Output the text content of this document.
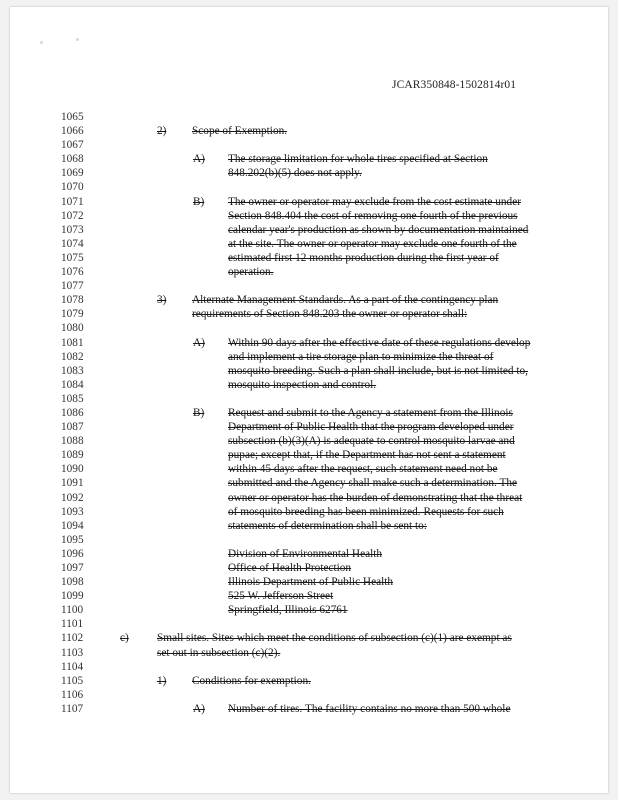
JCAR350848-1502814r01
1065
1066	2) Scope of Exemption.
1067
1068	A) The storage limitation for whole tires specified at Section
1069	848.202(b)(5) does not apply.
1070
1071	B) The owner or operator may exclude from the cost estimate under
1072	Section 848.404 the cost of removing one fourth of the previous
1073	calendar year's production as shown by documentation maintained
1074	at the site. The owner or operator may exclude one fourth of the
1075	estimated first 12 months production during the first year of
1076	operation.
1077
1078	3) Alternate Management Standards. As a part of the contingency plan
1079	requirements of Section 848.203 the owner or operator shall:
1080
1081	A) Within 90 days after the effective date of these regulations develop
1082	and implement a tire storage plan to minimize the threat of
1083	mosquito breeding. Such a plan shall include, but is not limited to,
1084	mosquito inspection and control.
1085
1086	B) Request and submit to the Agency a statement from the Illinois
1087	Department of Public Health that the program developed under
1088	subsection (b)(3)(A) is adequate to control mosquito larvae and
1089	pupae; except that, if the Department has not sent a statement
1090	within 45 days after the request, such statement need not be
1091	submitted and the Agency shall make such a determination. The
1092	owner or operator has the burden of demonstrating that the threat
1093	of mosquito breeding has been minimized. Requests for such
1094	statements of determination shall be sent to:
1095
1096	Division of Environmental Health
1097	Office of Health Protection
1098	Illinois Department of Public Health
1099	525 W. Jefferson Street
1100	Springfield, Illinois 62761
1101
1102	c) Small sites. Sites which meet the conditions of subsection (c)(1) are exempt as
1103	set out in subsection (c)(2).
1104
1105	1) Conditions for exemption.
1106
1107	A) Number of tires. The facility contains no more than 500 whole
